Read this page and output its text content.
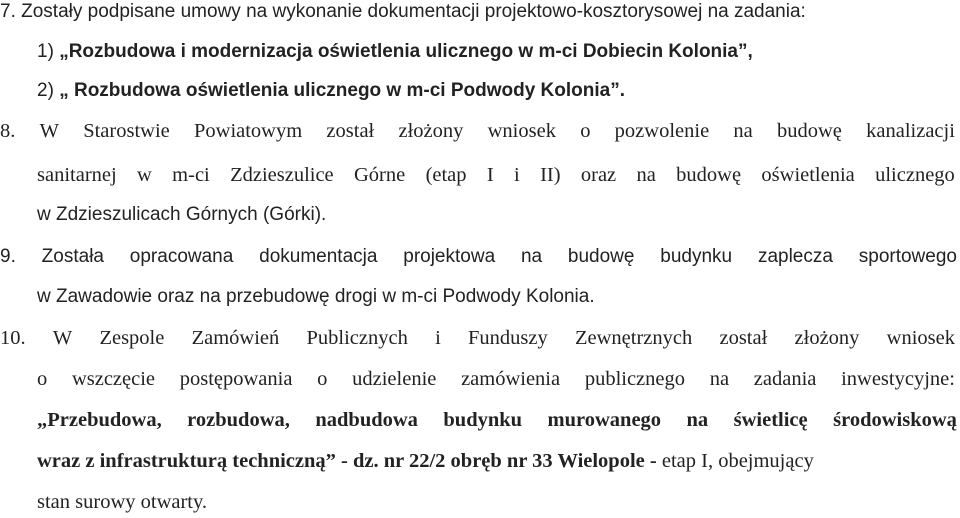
7. Zostały podpisane umowy na wykonanie dokumentacji projektowo-kosztorysowej na zadania:
1) „Rozbudowa i modernizacja oświetlenia ulicznego w m-ci Dobiecin Kolonia”,
2) „ Rozbudowa oświetlenia ulicznego w m-ci Podwody Kolonia”.
8. W Starostwie Powiatowym został złożony wniosek o pozwolenie na budowę kanalizacji
sanitarnej w m-ci Zdzieszulice Górne (etap I i II) oraz na budowę oświetlenia ulicznego
w Zdzieszulicach Górnych (Górki).
9. Została opracowana dokumentacja projektowa na budowę budynku zaplecza sportowego
w Zawadowie oraz na przebudowę drogi w m-ci Podwody Kolonia.
10. W Zespole Zamówień Publicznych i Funduszy Zewnętrznych został złożony wniosek
o wszczęcie postępowania o udzielenie zamówienia publicznego na zadania inwestycyjne:
„Przebudowa, rozbudowa, nadbudowa budynku murowanego na świetlicę środowiskową
wraz z infrastrukturą techniczną” - dz. nr 22/2 obręb nr 33 Wielopole - etap I, obejmujący
stan surowy otwarty.
